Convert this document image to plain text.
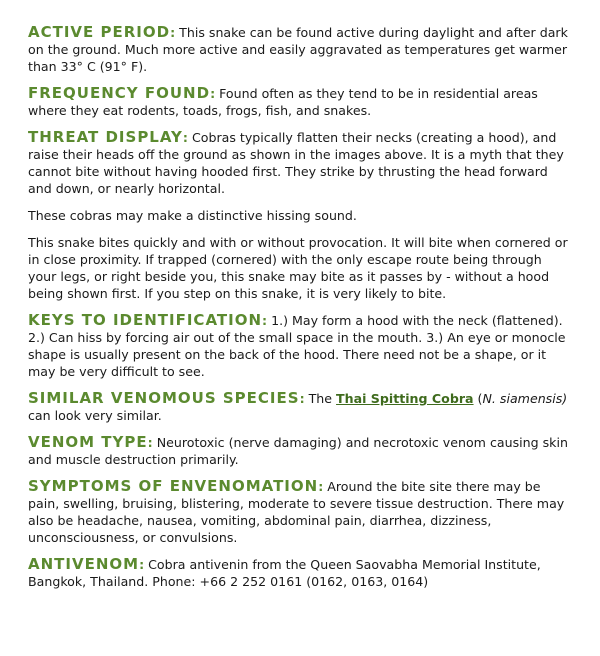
ACTIVE PERIOD: This snake can be found active during daylight and after dark on the ground. Much more active and easily aggravated as temperatures get warmer than 33° C (91° F).

FREQUENCY FOUND: Found often as they tend to be in residential areas where they eat rodents, toads, frogs, fish, and snakes.

THREAT DISPLAY: Cobras typically flatten their necks (creating a hood), and raise their heads off the ground as shown in the images above. It is a myth that they cannot bite without having hooded first. They strike by thrusting the head forward and down, or nearly horizontal.

These cobras may make a distinctive hissing sound.

This snake bites quickly and with or without provocation. It will bite when cornered or in close proximity. If trapped (cornered) with the only escape route being through your legs, or right beside you, this snake may bite as it passes by - without a hood being shown first. If you step on this snake, it is very likely to bite.

KEYS TO IDENTIFICATION: 1.) May form a hood with the neck (flattened). 2.) Can hiss by forcing air out of the small space in the mouth. 3.) An eye or monocle shape is usually present on the back of the hood. There need not be a shape, or it may be very difficult to see.

SIMILAR VENOMOUS SPECIES: The Thai Spitting Cobra (N. siamensis) can look very similar.

VENOM TYPE: Neurotoxic (nerve damaging) and necrotoxic venom causing skin and muscle destruction primarily.

SYMPTOMS OF ENVENOMATION: Around the bite site there may be pain, swelling, bruising, blistering, moderate to severe tissue destruction. There may also be headache, nausea, vomiting, abdominal pain, diarrhea, dizziness, unconsciousness, or convulsions.

ANTIVENOM: Cobra antivenin from the Queen Saovabha Memorial Institute, Bangkok, Thailand. Phone: +66 2 252 0161 (0162, 0163, 0164)
